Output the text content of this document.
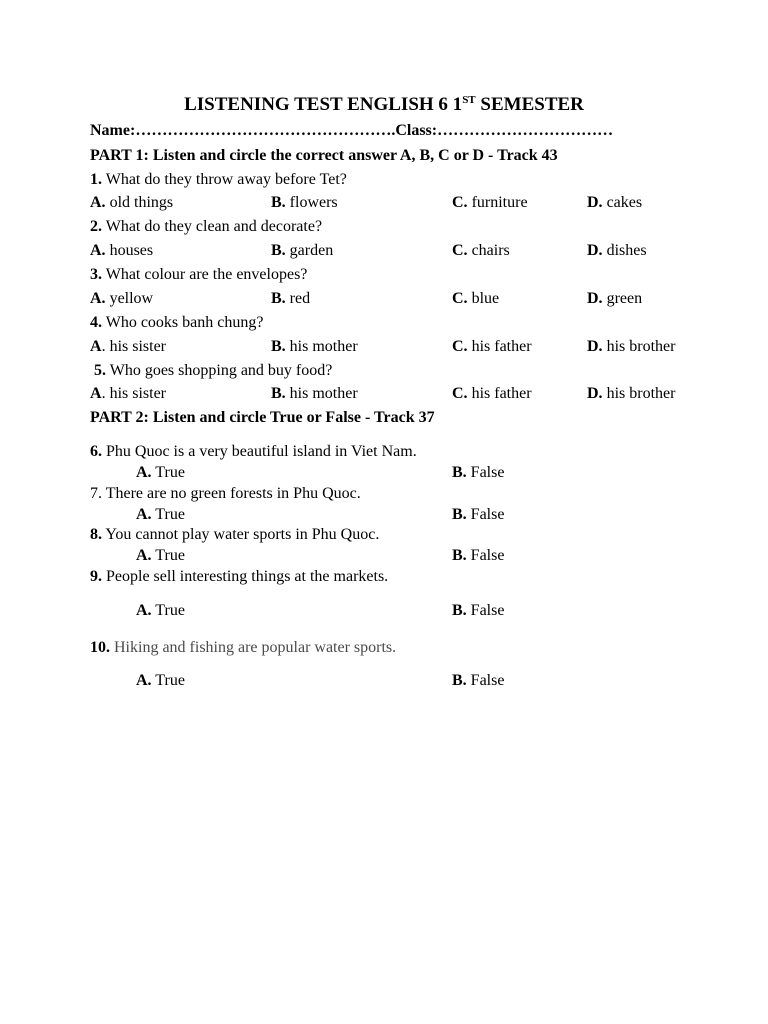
LISTENING TEST ENGLISH 6 1ST SEMESTER
Name:………………………………………….Class:……………………………
PART 1: Listen and circle the correct answer A, B, C or D - Track 43
1. What do they throw away before Tet?
A. old things	B. flowers	C. furniture	D. cakes
2. What do they clean and decorate?
A. houses	B. garden	C. chairs	D. dishes
3. What colour are the envelopes?
A. yellow	B. red	C. blue	D. green
4. Who cooks banh chung?
A. his sister	B. his mother	C. his father	D. his brother
5. Who goes shopping and buy food?
A. his sister	B. his mother	C. his father	D. his brother
PART 2: Listen and circle True or False - Track 37
6. Phu Quoc is a very beautiful island in Viet Nam.
A. True	B. False
7. There are no green forests in Phu Quoc.
A. True	B. False
8. You cannot play water sports in Phu Quoc.
A. True	B. False
9. People sell interesting things at the markets.
A. True	B. False
10. Hiking and fishing are popular water sports.
A. True	B. False
